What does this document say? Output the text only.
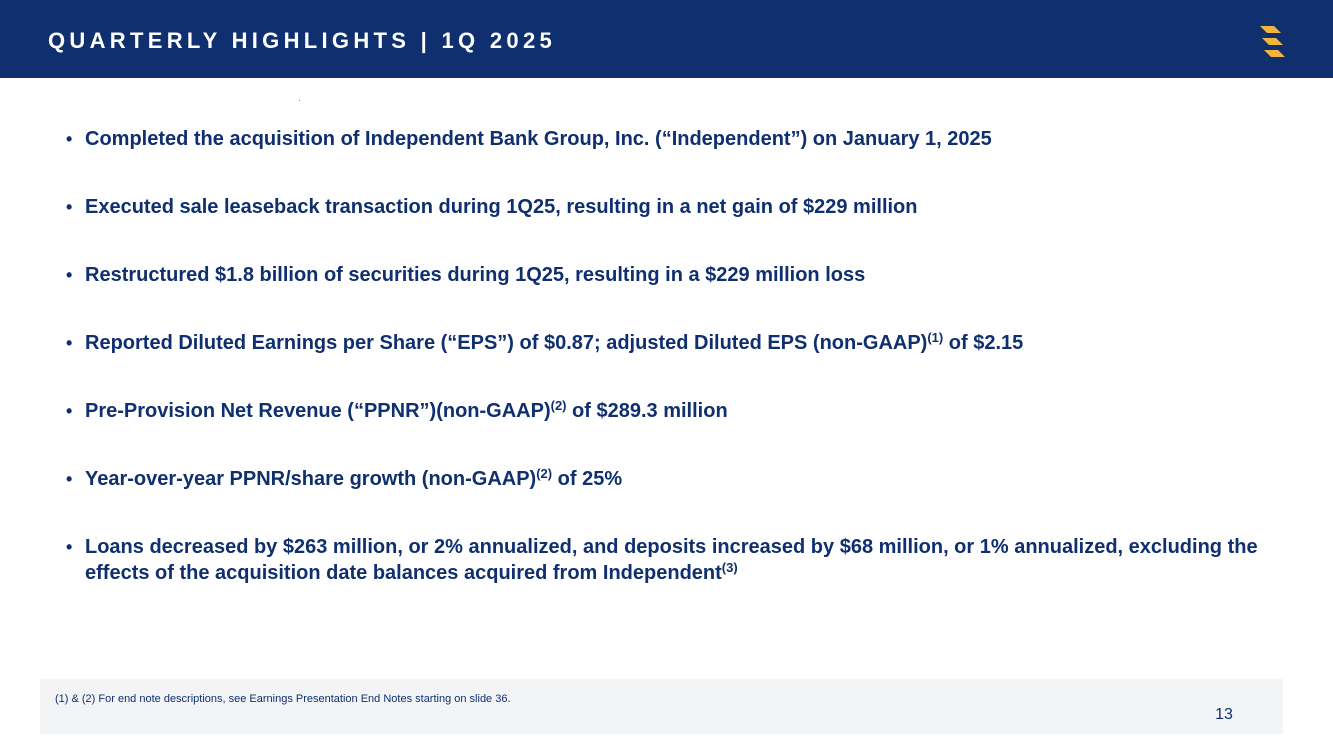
QUARTERLY HIGHLIGHTS | 1Q 2025
• Completed the acquisition of Independent Bank Group, Inc. (“Independent”) on January 1, 2025
• Executed sale leaseback transaction during 1Q25, resulting in a net gain of $229 million
• Restructured $1.8 billion of securities during 1Q25, resulting in a $229 million loss
• Reported Diluted Earnings per Share (“EPS”) of $0.87; adjusted Diluted EPS (non-GAAP)$^{(1)}$ of $2.15
• Pre-Provision Net Revenue (“PPNR”)(non-GAAP)$^{(2)}$ of $289.3 million
• Year-over-year PPNR/share growth (non-GAAP)$^{(2)}$ of 25%
• Loans decreased by $263 million, or 2% annualized, and deposits increased by $68 million, or 1% annualized, excluding the effects of the acquisition date balances acquired from Independent$^{(3)}$
(1) & (2) For end note descriptions, see Earnings Presentation End Notes starting on slide 36.
13
